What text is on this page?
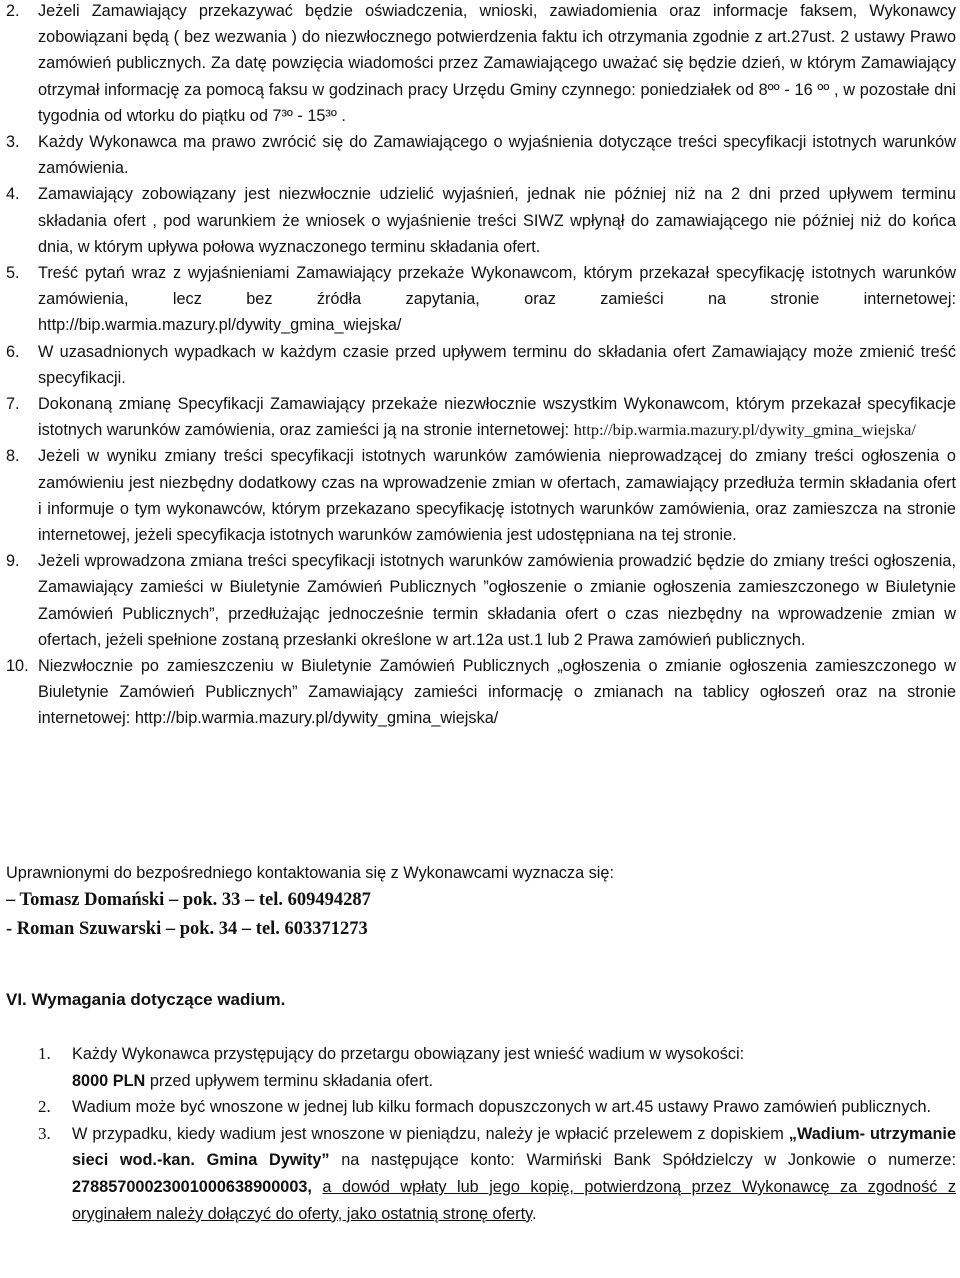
2.	Jeżeli Zamawiający przekazywać będzie oświadczenia, wnioski, zawiadomienia oraz informacje faksem, Wykonawcy zobowiązani będą ( bez wezwania ) do niezwłocznego potwierdzenia faktu ich otrzymania zgodnie z art.27ust. 2 ustawy Prawo zamówień publicznych. Za datę powzięcia wiadomości przez Zamawiającego uważać się będzie dzień, w którym Zamawiający otrzymał informację za pomocą faksu w godzinach pracy Urzędu Gminy czynnego: poniedziałek od 8ºº - 16 ºº , w pozostałe dni tygodnia od wtorku do piątku od 7³º - 15³º .
3.	Każdy Wykonawca ma prawo zwrócić się do Zamawiającego o wyjaśnienia dotyczące treści specyfikacji istotnych warunków zamówienia.
4.	Zamawiający zobowiązany jest niezwłocznie udzielić wyjaśnień, jednak nie później niż na 2 dni przed upływem terminu składania ofert , pod warunkiem że wniosek o wyjaśnienie treści SIWZ wpłynął do zamawiającego nie później niż do końca dnia, w którym upływa połowa wyznaczonego terminu składania ofert.
5.	Treść pytań wraz z wyjaśnieniami Zamawiający przekaże Wykonawcom, którym przekazał specyfikację istotnych warunków zamówienia, lecz bez źródła zapytania, oraz zamieści na stronie internetowej: http://bip.warmia.mazury.pl/dywity_gmina_wiejska/
6.	W uzasadnionych wypadkach w każdym czasie przed upływem terminu do składania ofert Zamawiający może zmienić treść specyfikacji.
7.	Dokonaną zmianę Specyfikacji Zamawiający przekaże niezwłocznie wszystkim Wykonawcom, którym przekazał specyfikacje istotnych warunków zamówienia, oraz zamieści ją na stronie internetowej: http://bip.warmia.mazury.pl/dywity_gmina_wiejska/
8.	Jeżeli w wyniku zmiany treści specyfikacji istotnych warunków zamówienia nieprowadzącej do zmiany treści ogłoszenia o zamówieniu jest niezbędny dodatkowy czas na wprowadzenie zmian w ofertach, zamawiający przedłuża termin składania ofert i informuje o tym wykonawców, którym przekazano specyfikację istotnych warunków zamówienia, oraz zamieszcza na stronie internetowej, jeżeli specyfikacja istotnych warunków zamówienia jest udostępniana na tej stronie.
9.	Jeżeli wprowadzona zmiana treści specyfikacji istotnych warunków zamówienia prowadzić będzie do zmiany treści ogłoszenia, Zamawiający zamieści w Biuletynie Zamówień Publicznych ”ogłoszenie o zmianie ogłoszenia zamieszczonego w Biuletynie Zamówień Publicznych”, przedłużając jednocześnie termin składania ofert o czas niezbędny na wprowadzenie zmian w ofertach, jeżeli spełnione zostaną przesłanki określone w art.12a ust.1 lub 2 Prawa zamówień publicznych.
10. Niezwłocznie po zamieszczeniu w Biuletynie Zamówień Publicznych „ogłoszenia o zmianie ogłoszenia zamieszczonego w Biuletynie Zamówień Publicznych” Zamawiający zamieści informację o zmianach na tablicy ogłoszeń oraz na stronie internetowej: http://bip.warmia.mazury.pl/dywity_gmina_wiejska/
Uprawnionymi do bezpośredniego kontaktowania się z Wykonawcami wyznacza się:
– Tomasz Domański – pok. 33 – tel. 609494287
- Roman Szuwarski – pok. 34 – tel. 603371273
VI. Wymagania dotyczące wadium.
1.	Każdy Wykonawca przystępujący do przetargu obowiązany jest wnieść wadium w wysokości:
8000 PLN przed upływem terminu składania ofert.
2.	Wadium może być wnoszone w jednej lub kilku formach dopuszczonych w art.45 ustawy Prawo zamówień publicznych.
3.	W przypadku, kiedy wadium jest wnoszone w pieniądzu, należy je wpłacić przelewem z dopiskiem „Wadium- utrzymanie sieci wod.-kan. Gmina Dywity” na następujące konto: Warmiński Bank Spółdzielczy w Jonkowie o numerze: 27885700023001000638900003, a dowód wpłaty lub jego kopię, potwierdzoną przez Wykonawcę za zgodność z oryginałem należy dołączyć do oferty, jako ostatnią stronę oferty.
